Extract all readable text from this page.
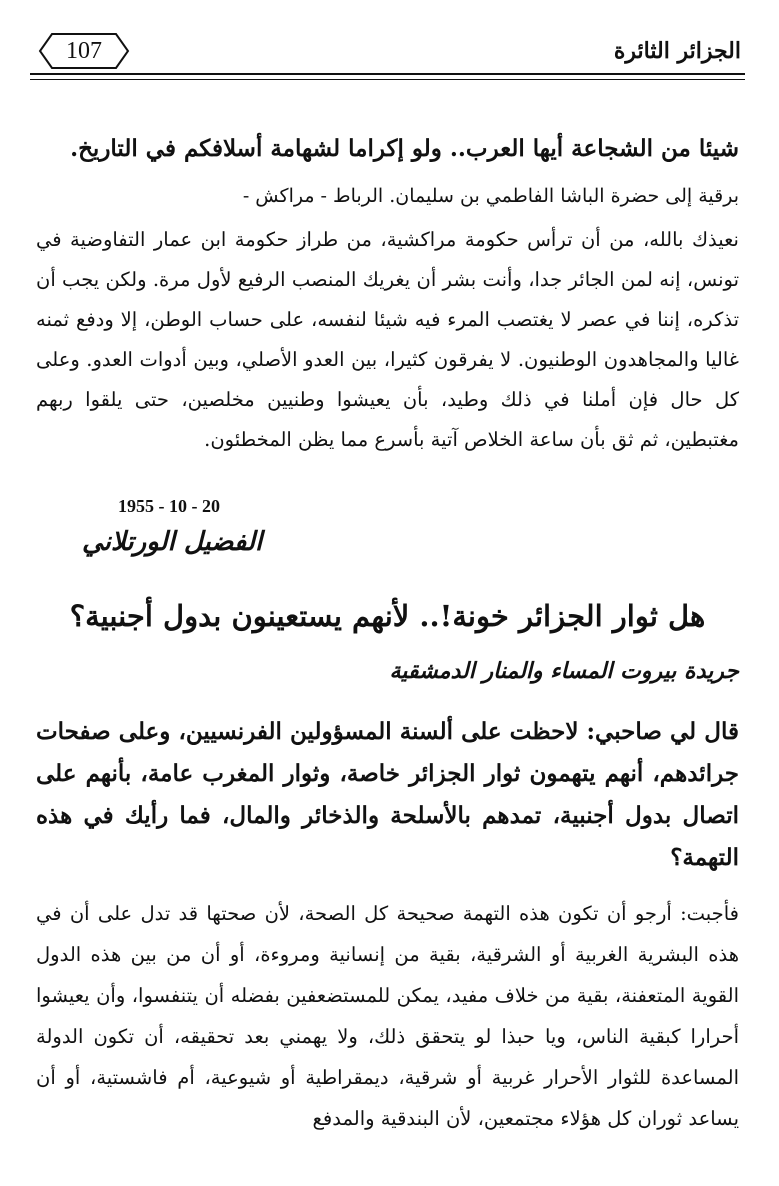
107	الجزائر الثائرة

شيئا من الشجاعة أيها العرب.. ولو إكراما لشهامة أسلافكم في التاريخ.

برقية إلى حضرة الباشا الفاطمي بن سليمان. الرباط - مراكش -

نعيذك بالله، من أن ترأس حكومة مراكشية، من طراز حكومة ابن عمار التفاوضية في تونس، إنه لمن الجائر جدا، وأنت بشر أن يغريك المنصب الرفيع لأول مرة. ولكن يجب أن تذكره، إننا في عصر لا يغتصب المرء فيه شيئا لنفسه، على حساب الوطن، إلا ودفع ثمنه غاليا والمجاهدون الوطنيون. لا يفرقون كثيرا، بين العدو الأصلي، وبين أدوات العدو. وعلى كل حال فإن أملنا في ذلك وطيد، بأن يعيشوا وطنيين مخلصين، حتى يلقوا ربهم مغتبطين، ثم ثق بأن ساعة الخلاص آتية بأسرع مما يظن المخطئون.

1955 - 10 - 20
الفضيل الورتلاني
هل ثوار الجزائر خونة!.. لأنهم يستعينون بدول أجنبية؟
جريدة بيروت المساء والمنار الدمشقية

قال لي صاحبي: لاحظت على ألسنة المسؤولين الفرنسيين، وعلى صفحات جرائدهم، أنهم يتهمون ثوار الجزائر خاصة، وثوار المغرب عامة، بأنهم على اتصال بدول أجنبية، تمدهم بالأسلحة والذخائر والمال، فما رأيك في هذه التهمة؟

فأجبت: أرجو أن تكون هذه التهمة صحيحة كل الصحة، لأن صحتها قد تدل على أن في هذه البشرية الغربية أو الشرقية، بقية من إنسانية ومروءة، أو أن من بين هذه الدول القوية المتعفنة، بقية من خلاف مفيد، يمكن للمستضعفين بفضله أن يتنفسوا، وأن يعيشوا أحرارا كبقية الناس، ويا حبذا لو يتحقق ذلك، ولا يهمني بعد تحقيقه، أن تكون الدولة المساعدة للثوار الأحرار غربية أو شرقية، ديمقراطية أو شيوعية، أم فاشستية، أو أن يساعد ثوران كل هؤلاء مجتمعين، لأن البندقية والمدفع
